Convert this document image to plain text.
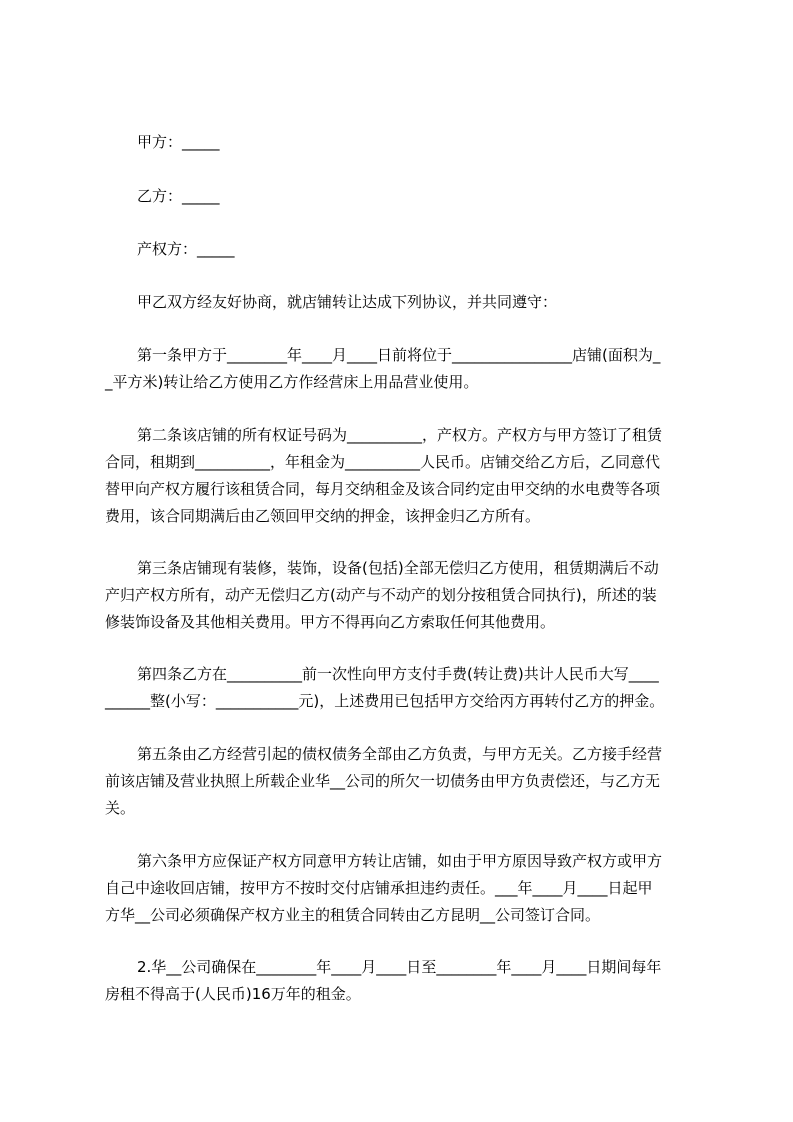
甲方：_____

乙方：_____

产权方：_____

甲乙双方经友好协商，就店铺转让达成下列协议，并共同遵守：

第一条甲方于________年____月____日前将位于________________店铺(面积为_

_平方米)转让给乙方使用乙方作经营床上用品营业使用。

第二条该店铺的所有权证号码为__________，产权方。产权方与甲方签订了租赁

合同，租期到__________，年租金为__________人民币。店铺交给乙方后，乙同意代

替甲向产权方履行该租赁合同，每月交纳租金及该合同约定由甲交纳的水电费等各项

费用，该合同期满后由乙领回甲交纳的押金，该押金归乙方所有。

第三条店铺现有装修，装饰，设备(包括)全部无偿归乙方使用，租赁期满后不动

产归产权方所有，动产无偿归乙方(动产与不动产的划分按租赁合同执行)，所述的装

修装饰设备及其他相关费用。甲方不得再向乙方索取任何其他费用。

第四条乙方在__________前一次性向甲方支付手费(转让费)共计人民币大写____

______整(小写：___________元)，上述费用已包括甲方交给丙方再转付乙方的押金。

第五条由乙方经营引起的债权债务全部由乙方负责，与甲方无关。乙方接手经营

前该店铺及营业执照上所载企业华__公司的所欠一切债务由甲方负责偿还，与乙方无

关。

第六条甲方应保证产权方同意甲方转让店铺，如由于甲方原因导致产权方或甲方

自己中途收回店铺，按甲方不按时交付店铺承担违约责任。___年____月____日起甲

方华__公司必须确保产权方业主的租赁合同转由乙方昆明__公司签订合同。

2.华__公司确保在________年____月____日至________年____月____日期间每年

房租不得高于(人民币)16万年的租金。
